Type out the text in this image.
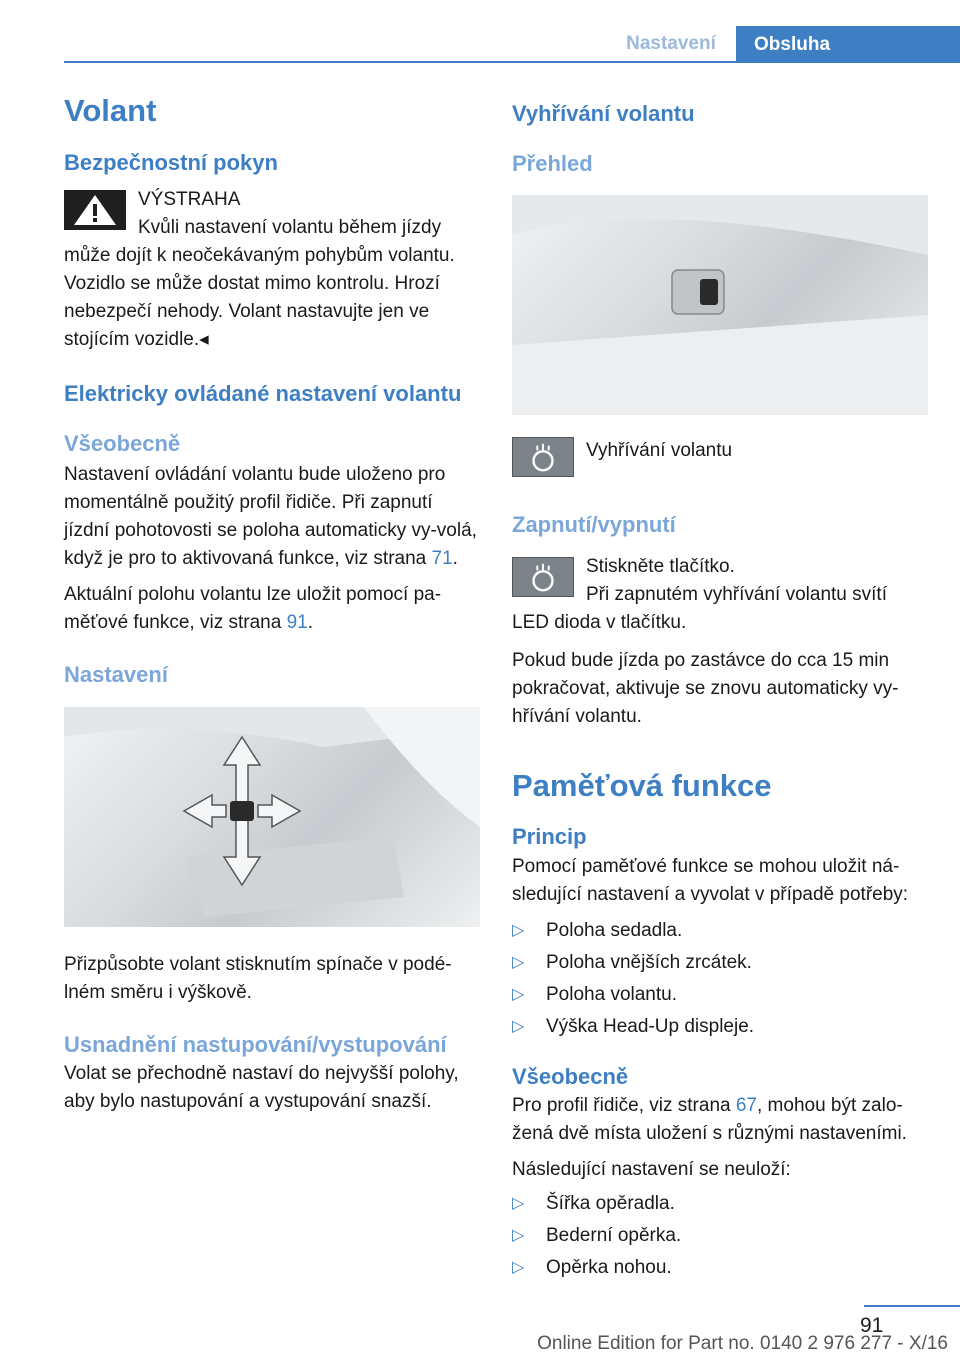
Nastavení	Obsluha
Volant
Bezpečnostní pokyn

VÝSTRAHA

Kvůli nastavení volantu během jízdy může dojít k neočekávaným pohybům volantu. Vozidlo se může dostat mimo kontrolu. Hrozí nebezpečí nehody. Volant nastavujte jen ve stojícím vozidle.◂

Elektricky ovládané nastavení volantu
Všeobecně

Nastavení ovládání volantu bude uloženo pro momentálně použitý profil řidiče. Při zapnutí jízdní pohotovosti se poloha automaticky vy-volá, když je pro to aktivovaná funkce, viz strana 71.

Aktuální polohu volantu lze uložit pomocí pa-měťové funkce, viz strana 91.

Nastavení

Přizpůsobte volant stisknutím spínače v podé-lném směru i výškově.

Usnadnění nastupování/vystupování

Volat se přechodně nastaví do nejvyšší polohy, aby bylo nastupování a vystupování snazší.

Vyhřívání volantu
Přehled

Vyhřívání volantu

Zapnutí/vypnutí

Stiskněte tlačítko.

Při zapnutém vyhřívání volantu svítí LED dioda v tlačítku.

Pokud bude jízda po zastávce do cca 15 min pokračovat, aktivuje se znovu automaticky vy-hřívání volantu.

Paměťová funkce
Princip

Pomocí paměťové funkce se mohou uložit ná-sledující nastavení a vyvolat v případě potřeby:

▷ Poloha sedadla.
▷ Poloha vnějších zrcátek.
▷ Poloha volantu.
▷ Výška Head-Up displeje.
Všeobecně

Pro profil řidiče, viz strana 67, mohou být zalo-žená dvě místa uložení s různými nastaveními.

Následující nastavení se neuloží:

▷ Šířka opěradla.
▷ Bederní opěrka.
▷ Opěrka nohou.
91
Online Edition for Part no. 0140 2 976 277 - X/16
